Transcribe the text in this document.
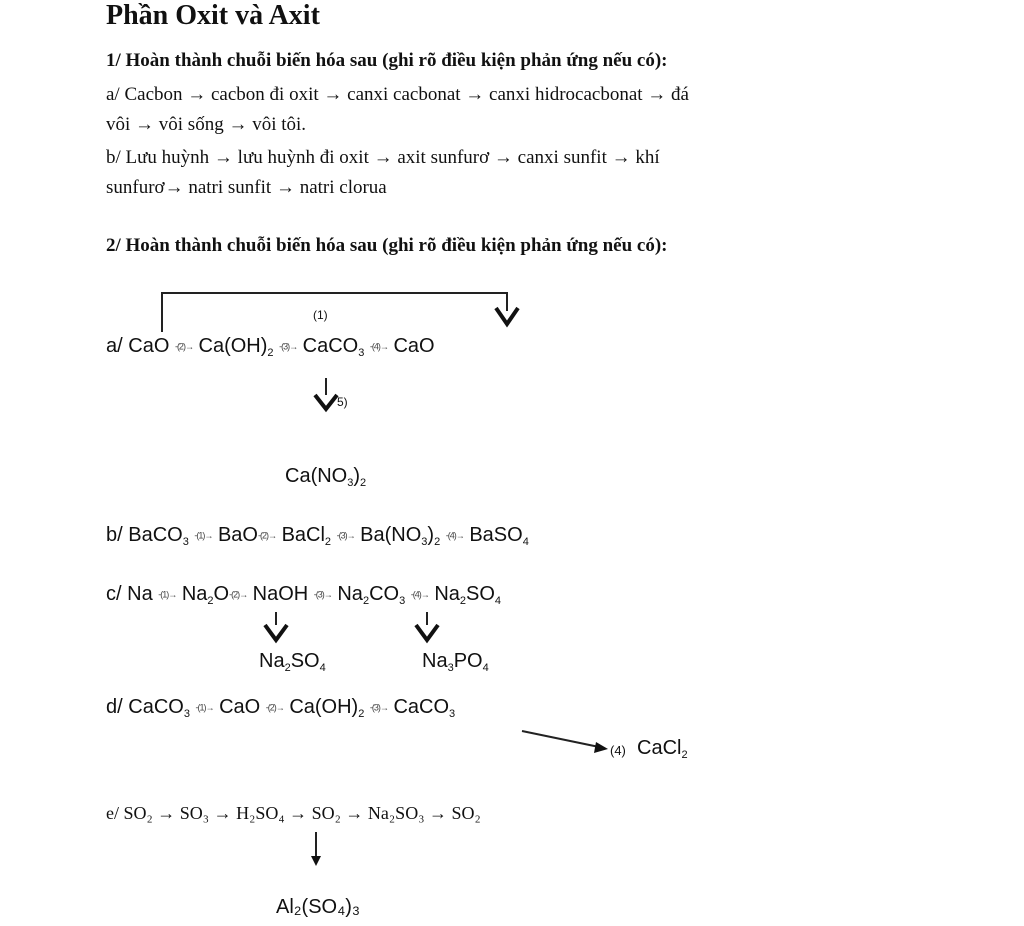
Phần Oxit và Axit
1/ Hoàn thành chuỗi biến hóa sau (ghi rõ điều kiện phản ứng nếu có):
a/ Cacbon → cacbon đi oxit → canxi cacbonat → canxi hidrocacbonat → đá
vôi → vôi sống → vôi tôi.
b/ Lưu huỳnh → lưu huỳnh đi oxit → axit sunfurơ → canxi sunfit → khí
sunfurơ→ natri sunfit → natri clorua
2/ Hoàn thành chuỗi biến hóa sau (ghi rõ điều kiện phản ứng nếu có):
(1)
a/ CaO $-(2)\to Ca(OH)_2$ -(3)→ CaCO$_3$ -(4)→ CaO
5)
$Ca(NO_3)_2$
b/ BaCO$_3$ -(1)→ BaO-(2)→ BaCl$_2$ $-(3)\to Ba(NO_3)_2$ -(4)→ BaSO$_4$
c/ Na $-(1)\to Na_2O-(2)\to$ NaOH $-(3)\to Na_2CO_3$ $-(4)\to Na_2SO_4$
$Na_2SO_4$	$Na_3PO_4$
d/ CaCO$_3$ -(1)→ CaO $-(2)\to Ca(OH)_2$ -(3)→ CaCO$_3$
(4) CaCl$_2$
e/ SO₂ → SO₃ → H₂SO₄ → SO₂ → Na₂SO₃ → SO₂
Al₂(SO₄)₃
